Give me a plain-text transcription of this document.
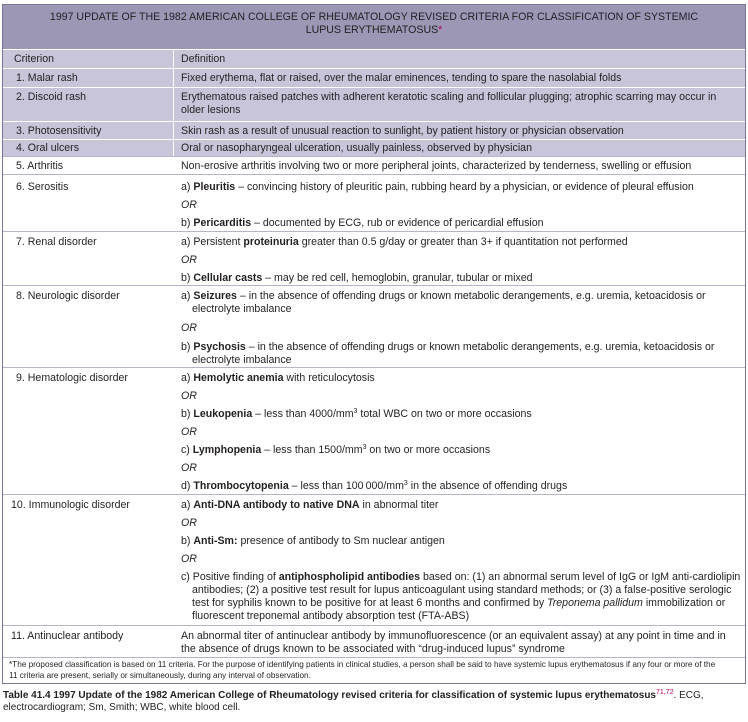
1997 UPDATE OF THE 1982 AMERICAN COLLEGE OF RHEUMATOLOGY REVISED CRITERIA FOR CLASSIFICATION OF SYSTEMIC
LUPUS ERYTHEMATOSUS*
Criterion	Definition
1. Malar rash	Fixed erythema, flat or raised, over the malar eminences, tending to spare the nasolabial folds
2. Discoid rash	Erythematous raised patches with adherent keratotic scaling and follicular plugging; atrophic scarring may occur in
older lesions
3. Photosensitivity	Skin rash as a result of unusual reaction to sunlight, by patient history or physician observation
4. Oral ulcers	Oral or nasopharyngeal ulceration, usually painless, observed by physician
5. Arthritis	Non-erosive arthritis involving two or more peripheral joints, characterized by tenderness, swelling or effusion
6. Serositis	a) Pleuritis – convincing history of pleuritic pain, rubbing heard by a physician, or evidence of pleural effusion
OR
b) Pericarditis – documented by ECG, rub or evidence of pericardial effusion
7. Renal disorder	a) Persistent proteinuria greater than 0.5 g/day or greater than 3+ if quantitation not performed
OR
b) Cellular casts – may be red cell, hemoglobin, granular, tubular or mixed
8. Neurologic disorder	a) Seizures – in the absence of offending drugs or known metabolic derangements, e.g. uremia, ketoacidosis or
electrolyte imbalance
OR
b) Psychosis – in the absence of offending drugs or known metabolic derangements, e.g. uremia, ketoacidosis or
electrolyte imbalance
9. Hematologic disorder	a) Hemolytic anemia with reticulocytosis
OR
b) Leukopenia – less than $4000/mm^3$ total WBC on two or more occasions
OR
c) Lymphopenia – less than $1500/mm^3$ on two or more occasions
OR
d) Thrombocytopenia – less than 100 $000/mm^3$ in the absence of offending drugs
10. Immunologic disorder	a) Anti-DNA antibody to native DNA in abnormal titer
OR
b) Anti-Sm: presence of antibody to Sm nuclear antigen
OR
c) Positive finding of antiphospholipid antibodies based on: (1) an abnormal serum level of IgG or IgM anti-cardiolipin
antibodies; (2) a positive test result for lupus anticoagulant using standard methods; or (3) a false-positive serologic
test for syphilis known to be positive for at least 6 months and confirmed by Treponema pallidum immobilization or
fluorescent treponemal antibody absorption test (FTA-ABS)
11. Antinuclear antibody	An abnormal titer of antinuclear antibody by immunofluorescence (or an equivalent assay) at any point in time and in
the absence of drugs known to be associated with “drug-induced lupus” syndrome
*The proposed classification is based on 11 criteria. For the purpose of identifying patients in clinical studies, a person shall be said to have systemic lupus erythematosus if any four or more of the
11 criteria are present, serially or simultaneously, during any interval of observation.
Table 41.4 1997 Update of the 1982 American College of Rheumatology revised criteria for classification of systemic lupus erythematosus$^{71,72}$. ECG,
electrocardiogram; Sm, Smith; WBC, white blood cell.
